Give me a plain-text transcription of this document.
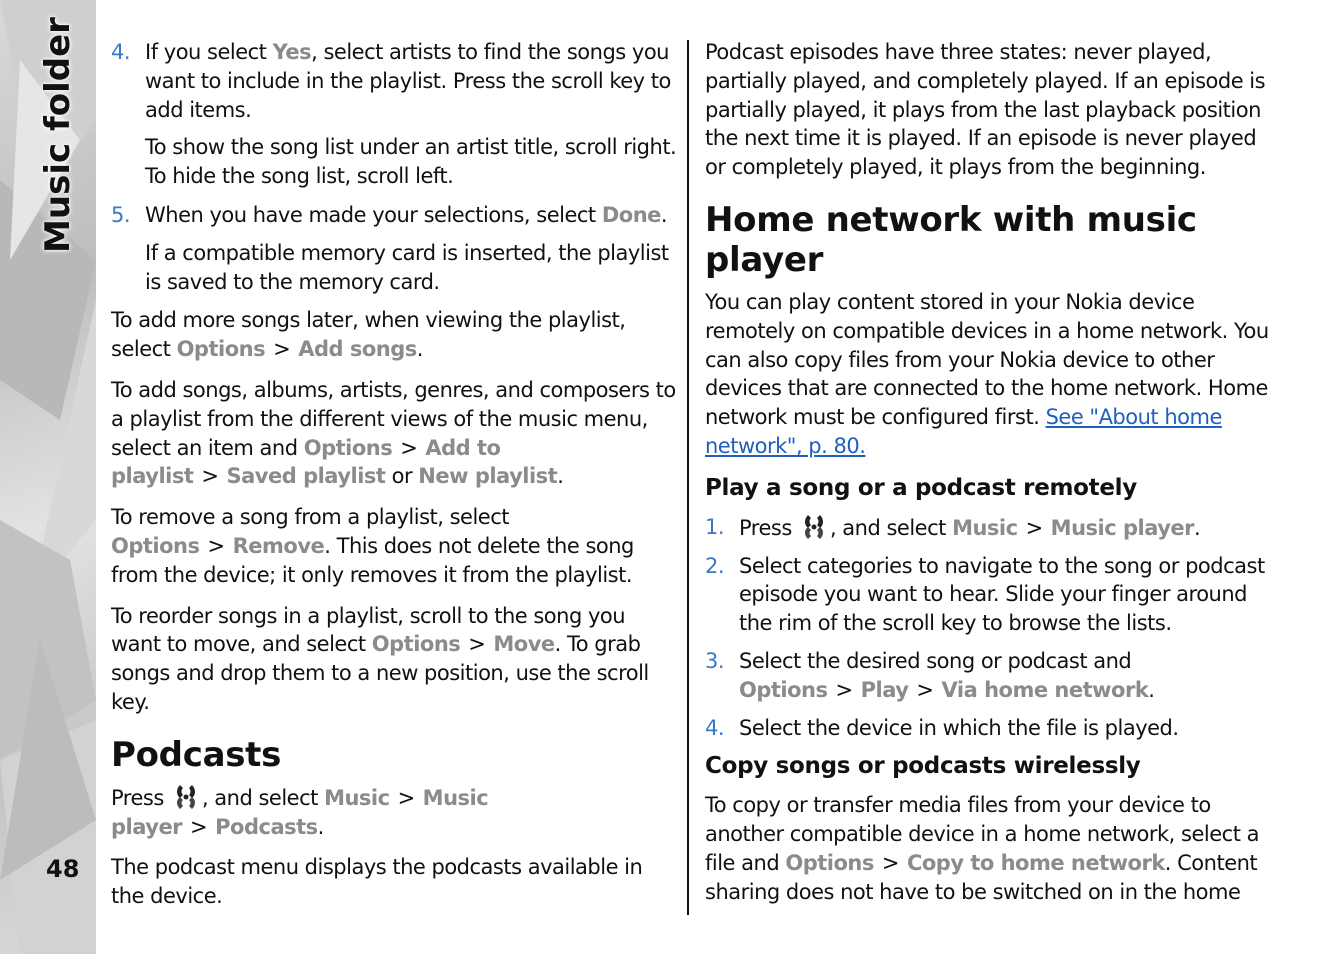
Music folder
48
4. If you select Yes, select artists to find the songs you want to include in the playlist. Press the scroll key to add items.

To show the song list under an artist title, scroll right. To hide the song list, scroll left.

5. When you have made your selections, select Done.

If a compatible memory card is inserted, the playlist is saved to the memory card.

To add more songs later, when viewing the playlist, select Options > Add songs.

To add songs, albums, artists, genres, and composers to a playlist from the different views of the music menu, select an item and Options > Add to playlist > Saved playlist or New playlist.

To remove a song from a playlist, select Options > Remove. This does not delete the song from the device; it only removes it from the playlist.

To reorder songs in a playlist, scroll to the song you want to move, and select Options > Move. To grab songs and drop them to a new position, use the scroll key.

Podcasts

Press , and select Music > Music player > Podcasts.

The podcast menu displays the podcasts available in the device.

Podcast episodes have three states: never played, partially played, and completely played. If an episode is partially played, it plays from the last playback position the next time it is played. If an episode is never played or completely played, it plays from the beginning.

Home network with music player

You can play content stored in your Nokia device remotely on compatible devices in a home network. You can also copy files from your Nokia device to other devices that are connected to the home network. Home network must be configured first. See "About home network", p. 80.

Play a song or a podcast remotely
1. Press , and select Music > Music player.
2. Select categories to navigate to the song or podcast episode you want to hear. Slide your finger around the rim of the scroll key to browse the lists.
3. Select the desired song or podcast and Options > Play > Via home network.
4. Select the device in which the file is played.
Copy songs or podcasts wirelessly

To copy or transfer media files from your device to another compatible device in a home network, select a file and Options > Copy to home network. Content sharing does not have to be switched on in the home
